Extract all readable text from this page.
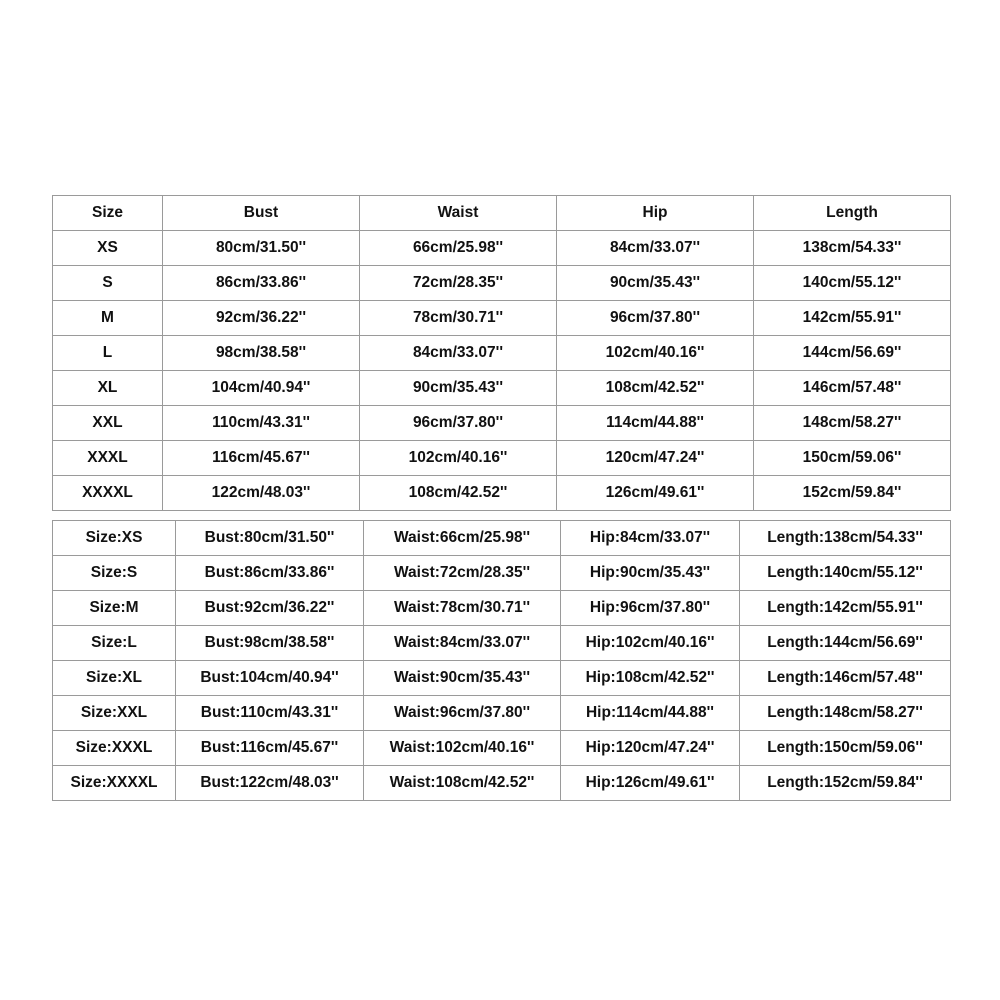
Size	Bust	Waist	Hip	Length
XS	80cm/31.50''	66cm/25.98''	84cm/33.07''	138cm/54.33''
S	86cm/33.86''	72cm/28.35''	90cm/35.43''	140cm/55.12''
M	92cm/36.22''	78cm/30.71''	96cm/37.80''	142cm/55.91''
L	98cm/38.58''	84cm/33.07''	102cm/40.16''	144cm/56.69''
XL	104cm/40.94''	90cm/35.43''	108cm/42.52''	146cm/57.48''
XXL	110cm/43.31''	96cm/37.80''	114cm/44.88''	148cm/58.27''
XXXL	116cm/45.67''	102cm/40.16''	120cm/47.24''	150cm/59.06''
XXXXL	122cm/48.03''	108cm/42.52''	126cm/49.61''	152cm/59.84''
Size:XS	Bust:80cm/31.50''	Waist:66cm/25.98''	Hip:84cm/33.07''	Length:138cm/54.33''
Size:S	Bust:86cm/33.86''	Waist:72cm/28.35''	Hip:90cm/35.43''	Length:140cm/55.12''
Size:M	Bust:92cm/36.22''	Waist:78cm/30.71''	Hip:96cm/37.80''	Length:142cm/55.91''
Size:L	Bust:98cm/38.58''	Waist:84cm/33.07''	Hip:102cm/40.16''	Length:144cm/56.69''
Size:XL	Bust:104cm/40.94''	Waist:90cm/35.43''	Hip:108cm/42.52''	Length:146cm/57.48''
Size:XXL	Bust:110cm/43.31''	Waist:96cm/37.80''	Hip:114cm/44.88''	Length:148cm/58.27''
Size:XXXL	Bust:116cm/45.67''	Waist:102cm/40.16''	Hip:120cm/47.24''	Length:150cm/59.06''
Size:XXXXL	Bust:122cm/48.03''	Waist:108cm/42.52''	Hip:126cm/49.61''	Length:152cm/59.84''
